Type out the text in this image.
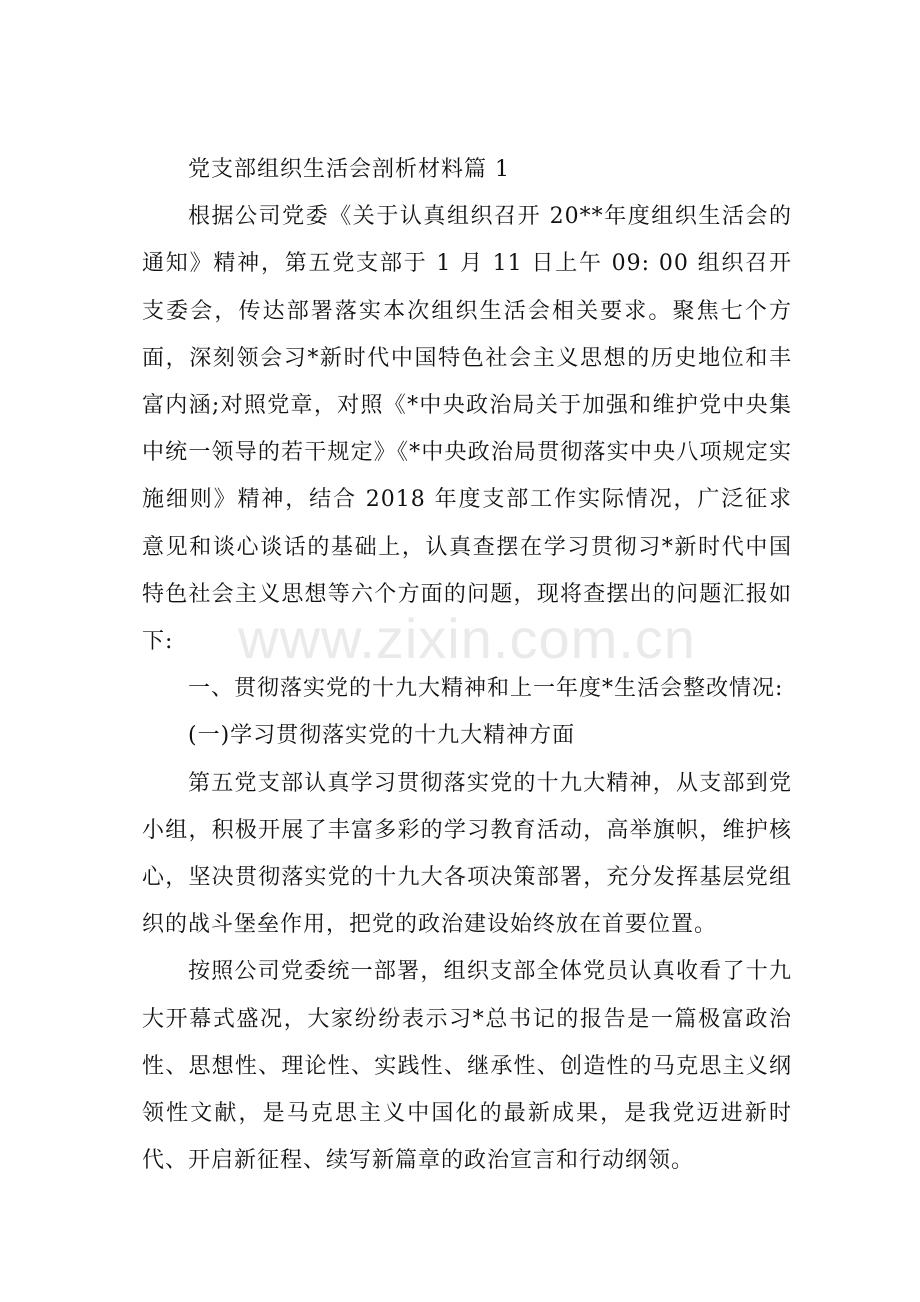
党支部组织生活会剖析材料篇 1

根据公司党委《关于认真组织召开 20**年度组织生活会的通知》精神，第五党支部于 1 月 11 日上午 09: 00 组织召开支委会，传达部署落实本次组织生活会相关要求。聚焦七个方面，深刻领会习*新时代中国特色社会主义思想的历史地位和丰富内涵;对照党章，对照《*中央政治局关于加强和维护党中央集中统一领导的若干规定》《*中央政治局贯彻落实中央八项规定实施细则》精神，结合 2018 年度支部工作实际情况，广泛征求意见和谈心谈话的基础上，认真查摆在学习贯彻习*新时代中国特色社会主义思想等六个方面的问题，现将查摆出的问题汇报如下:

一、贯彻落实党的十九大精神和上一年度*生活会整改情况:

(一)学习贯彻落实党的十九大精神方面

第五党支部认真学习贯彻落实党的十九大精神，从支部到党小组，积极开展了丰富多彩的学习教育活动，高举旗帜，维护核心，坚决贯彻落实党的十九大各项决策部署，充分发挥基层党组织的战斗堡垒作用，把党的政治建设始终放在首要位置。

按照公司党委统一部署，组织支部全体党员认真收看了十九大开幕式盛况，大家纷纷表示习*总书记的报告是一篇极富政治性、思想性、理论性、实践性、继承性、创造性的马克思主义纲领性文献，是马克思主义中国化的最新成果，是我党迈进新时代、开启新征程、续写新篇章的政治宣言和行动纲领。

www.zixin.com.cn
